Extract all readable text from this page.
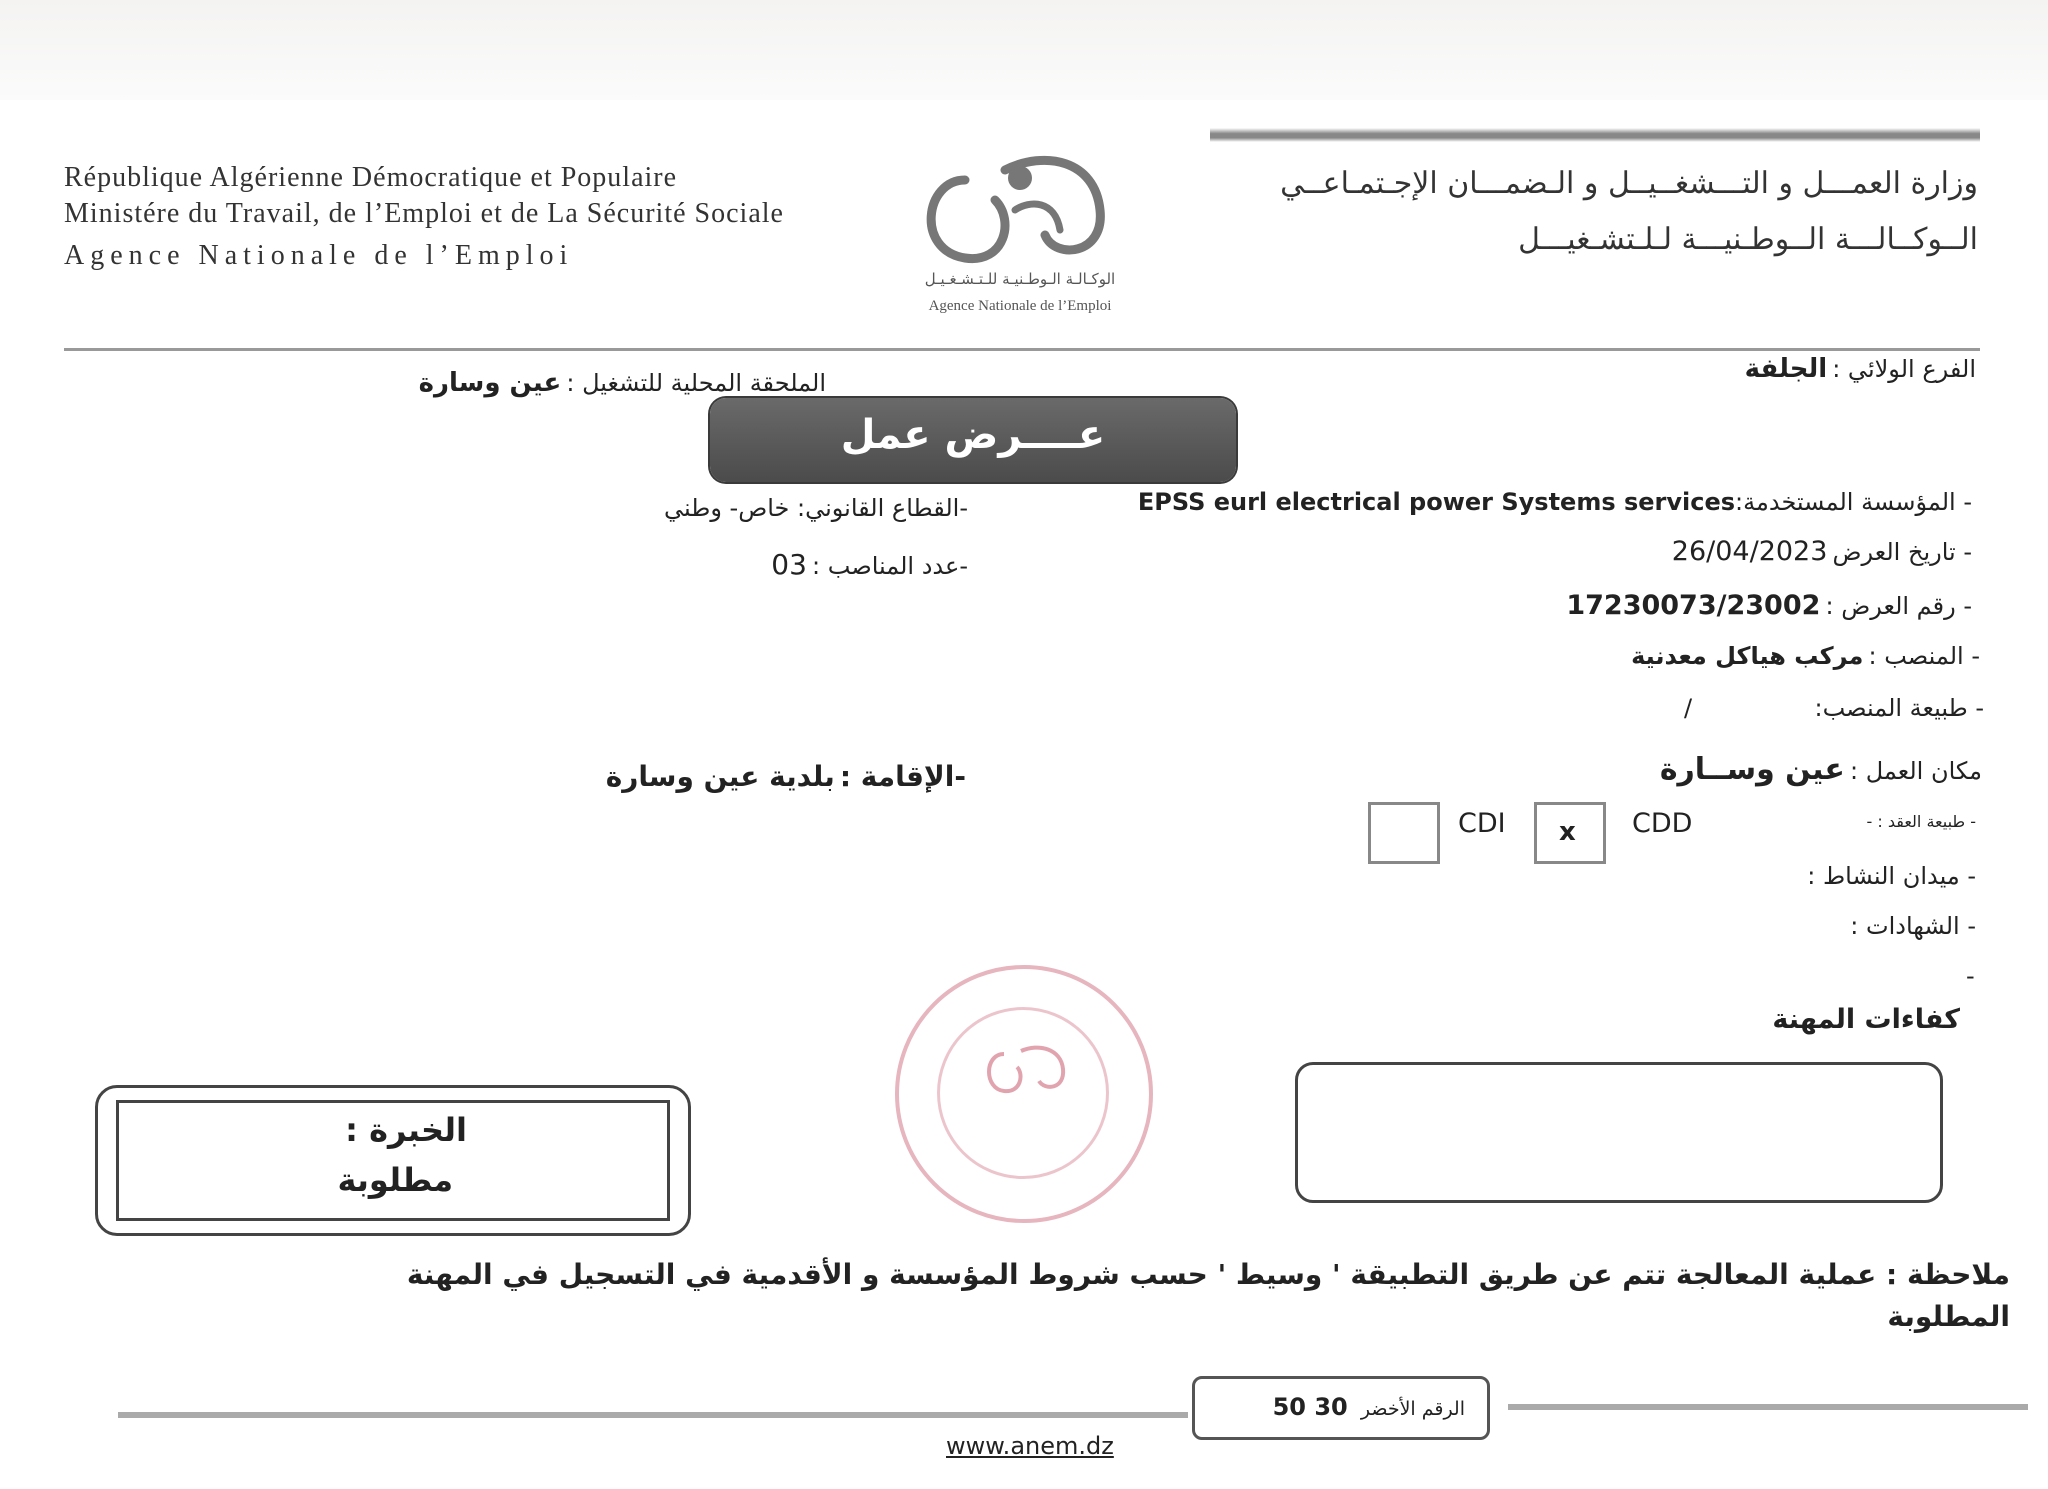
République Algérienne Démocratique et Populaire
Ministére du Travail, de l’Emploi et de La Sécurité Sociale
Agence Nationale de l’Emploi
وزارة العمـــل و التـــشغــيــل و الـضمـــان الإجـتمـاعــي
الــوكــالـــة الــوطـنيـــة لـلـتشـغيـــل
الوكـالـة الـوطـنيـة للـتـشـغـيـل
Agence Nationale de l’Emploi
الفرع الولائي : الجلفة
الملحقة المحلية للتشغيل : عين وسارة
عــــرض عمل
- المؤسسة المستخدمة:EPSS eurl electrical power Systems services
- تاريخ العرض 26/04/2023
- رقم العرض : 17230073/23002
- المنصب : مركب هياكل معدنية
- طبيعة المنصب:
/
مكان العمل : عين وســارة
- طبيعة العقد : -
CDD
x
CDI
- ميدان النشاط :
- الشهادات :
-
كفاءات المهنة
-القطاع القانوني: خاص- وطني
-عدد المناصب : 03
-الإقامة : بلدية عين وسارة
الخبرة :
مطلوبة
ملاحظة : عملية المعالجة تتم عن طريق التطبيقة ' وسيط ' حسب شروط المؤسسة و الأقدمية في التسجيل في المهنة المطلوبة
الرقم الأخضر 30 50
www.anem.dz
